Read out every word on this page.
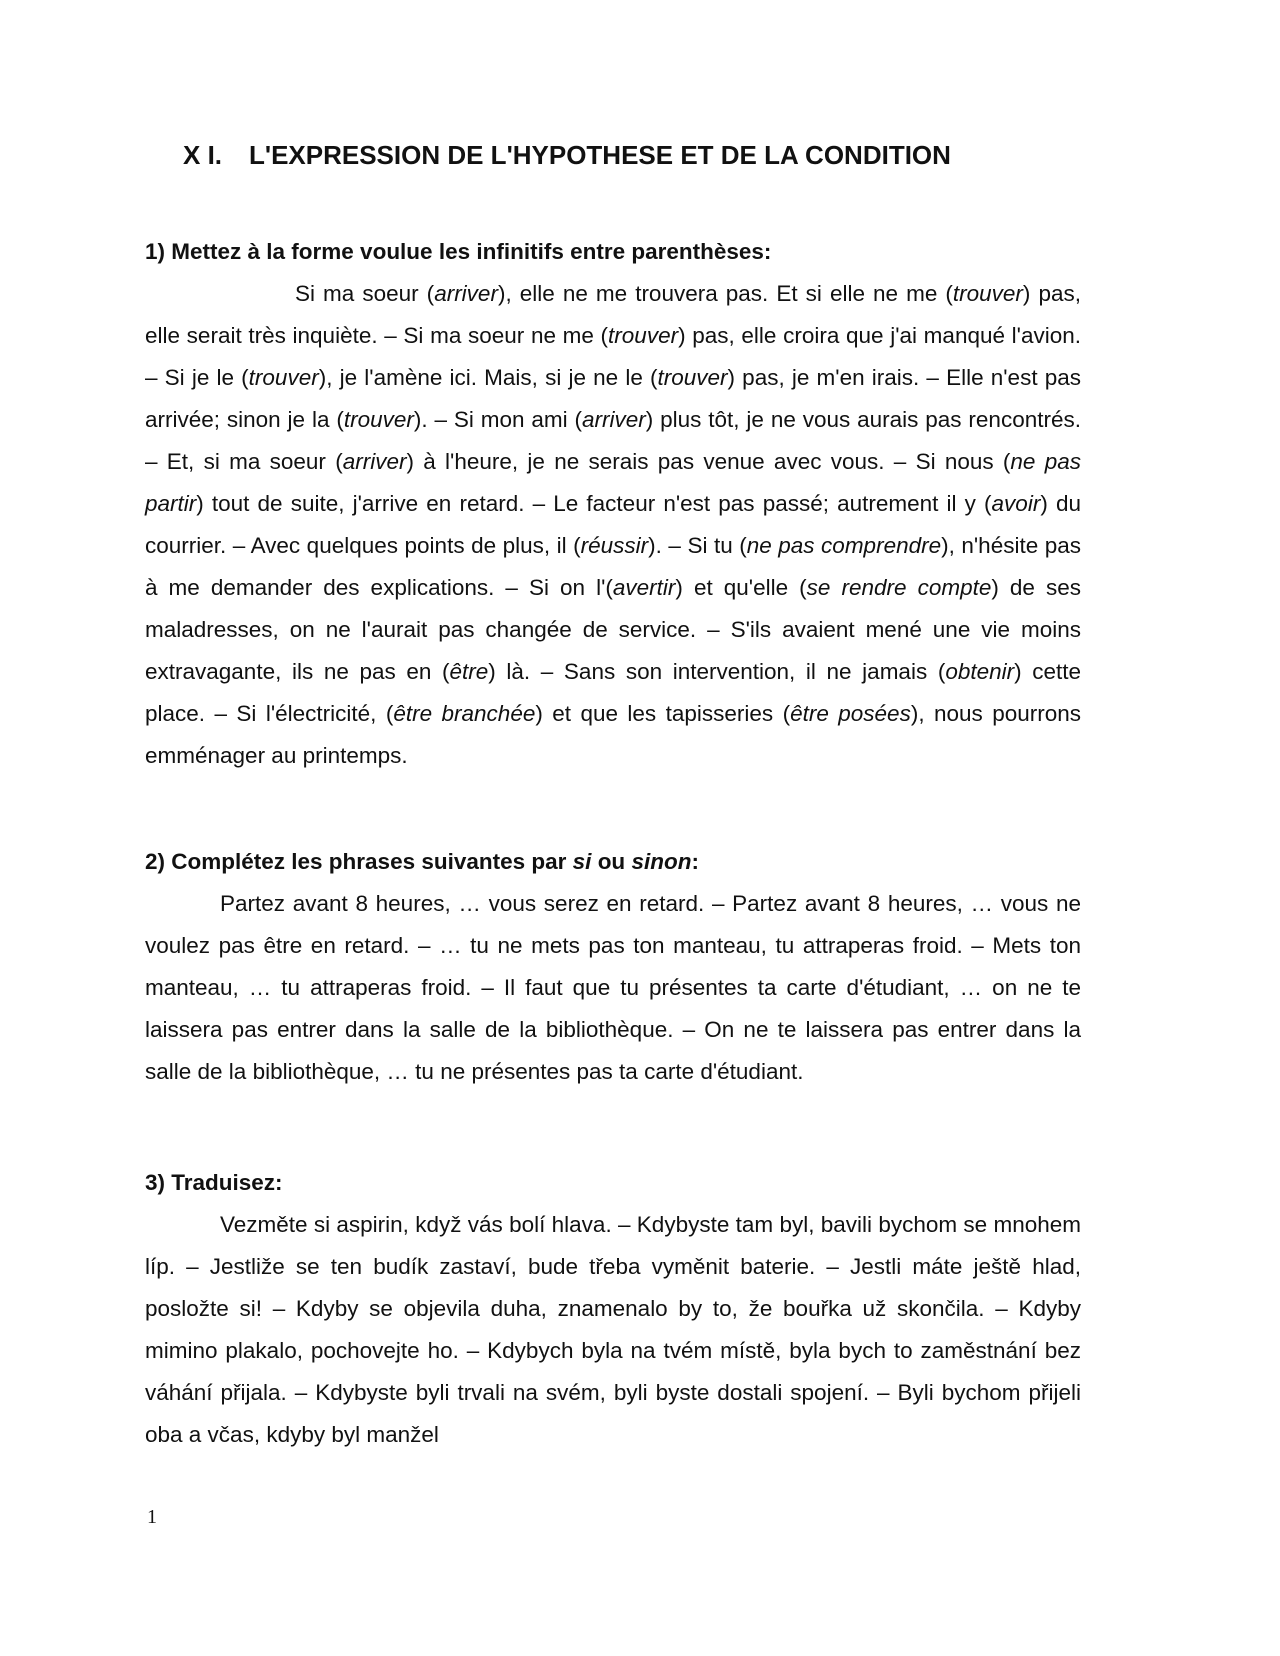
X I. L'EXPRESSION DE L'HYPOTHESE ET DE LA CONDITION

1) Mettez à la forme voulue les infinitifs entre parenthèses:

Si ma soeur (arriver), elle ne me trouvera pas. Et si elle ne me (trouver) pas, elle serait très inquiète. – Si ma soeur ne me (trouver) pas, elle croira que j'ai manqué l'avion. – Si je le (trouver), je l'amène ici. Mais, si je ne le (trouver) pas, je m'en irais. – Elle n'est pas arrivée; sinon je la (trouver). – Si mon ami (arriver) plus tôt, je ne vous aurais pas rencontrés. – Et, si ma soeur (arriver) à l'heure, je ne serais pas venue avec vous. – Si nous (ne pas partir) tout de suite, j'arrive en retard. – Le facteur n'est pas passé; autrement il y (avoir) du courrier. – Avec quelques points de plus, il (réussir). – Si tu (ne pas comprendre), n'hésite pas à me demander des explications. – Si on l'(avertir) et qu'elle (se rendre compte) de ses maladresses, on ne l'aurait pas changée de service. – S'ils avaient mené une vie moins extravagante, ils ne pas en (être) là. – Sans son intervention, il ne jamais (obtenir) cette place. – Si l'électricité, (être branchée) et que les tapisseries (être posées), nous pourrons emménager au printemps.

2) Complétez les phrases suivantes par si ou sinon:

Partez avant 8 heures, … vous serez en retard. – Partez avant 8 heures, … vous ne voulez pas être en retard. – … tu ne mets pas ton manteau, tu attraperas froid. – Mets ton manteau, … tu attraperas froid. – Il faut que tu présentes ta carte d'étudiant, … on ne te laissera pas entrer dans la salle de la bibliothèque. – On ne te laissera pas entrer dans la salle de la bibliothèque, … tu ne présentes pas ta carte d'étudiant.

3) Traduisez:

Vezměte si aspirin, když vás bolí hlava. – Kdybyste tam byl, bavili bychom se mnohem líp. – Jestliže se ten budík zastaví, bude třeba vyměnit baterie. – Jestli máte ještě hlad, posložte si! – Kdyby se objevila duha, znamenalo by to, že bouřka už skončila. – Kdyby mimino plakalo, pochovejte ho. – Kdybych byla na tvém místě, byla bych to zaměstnání bez váhání přijala. – Kdybyste byli trvali na svém, byli byste dostali spojení. – Byli bychom přijeli oba a včas, kdyby byl manžel

1
